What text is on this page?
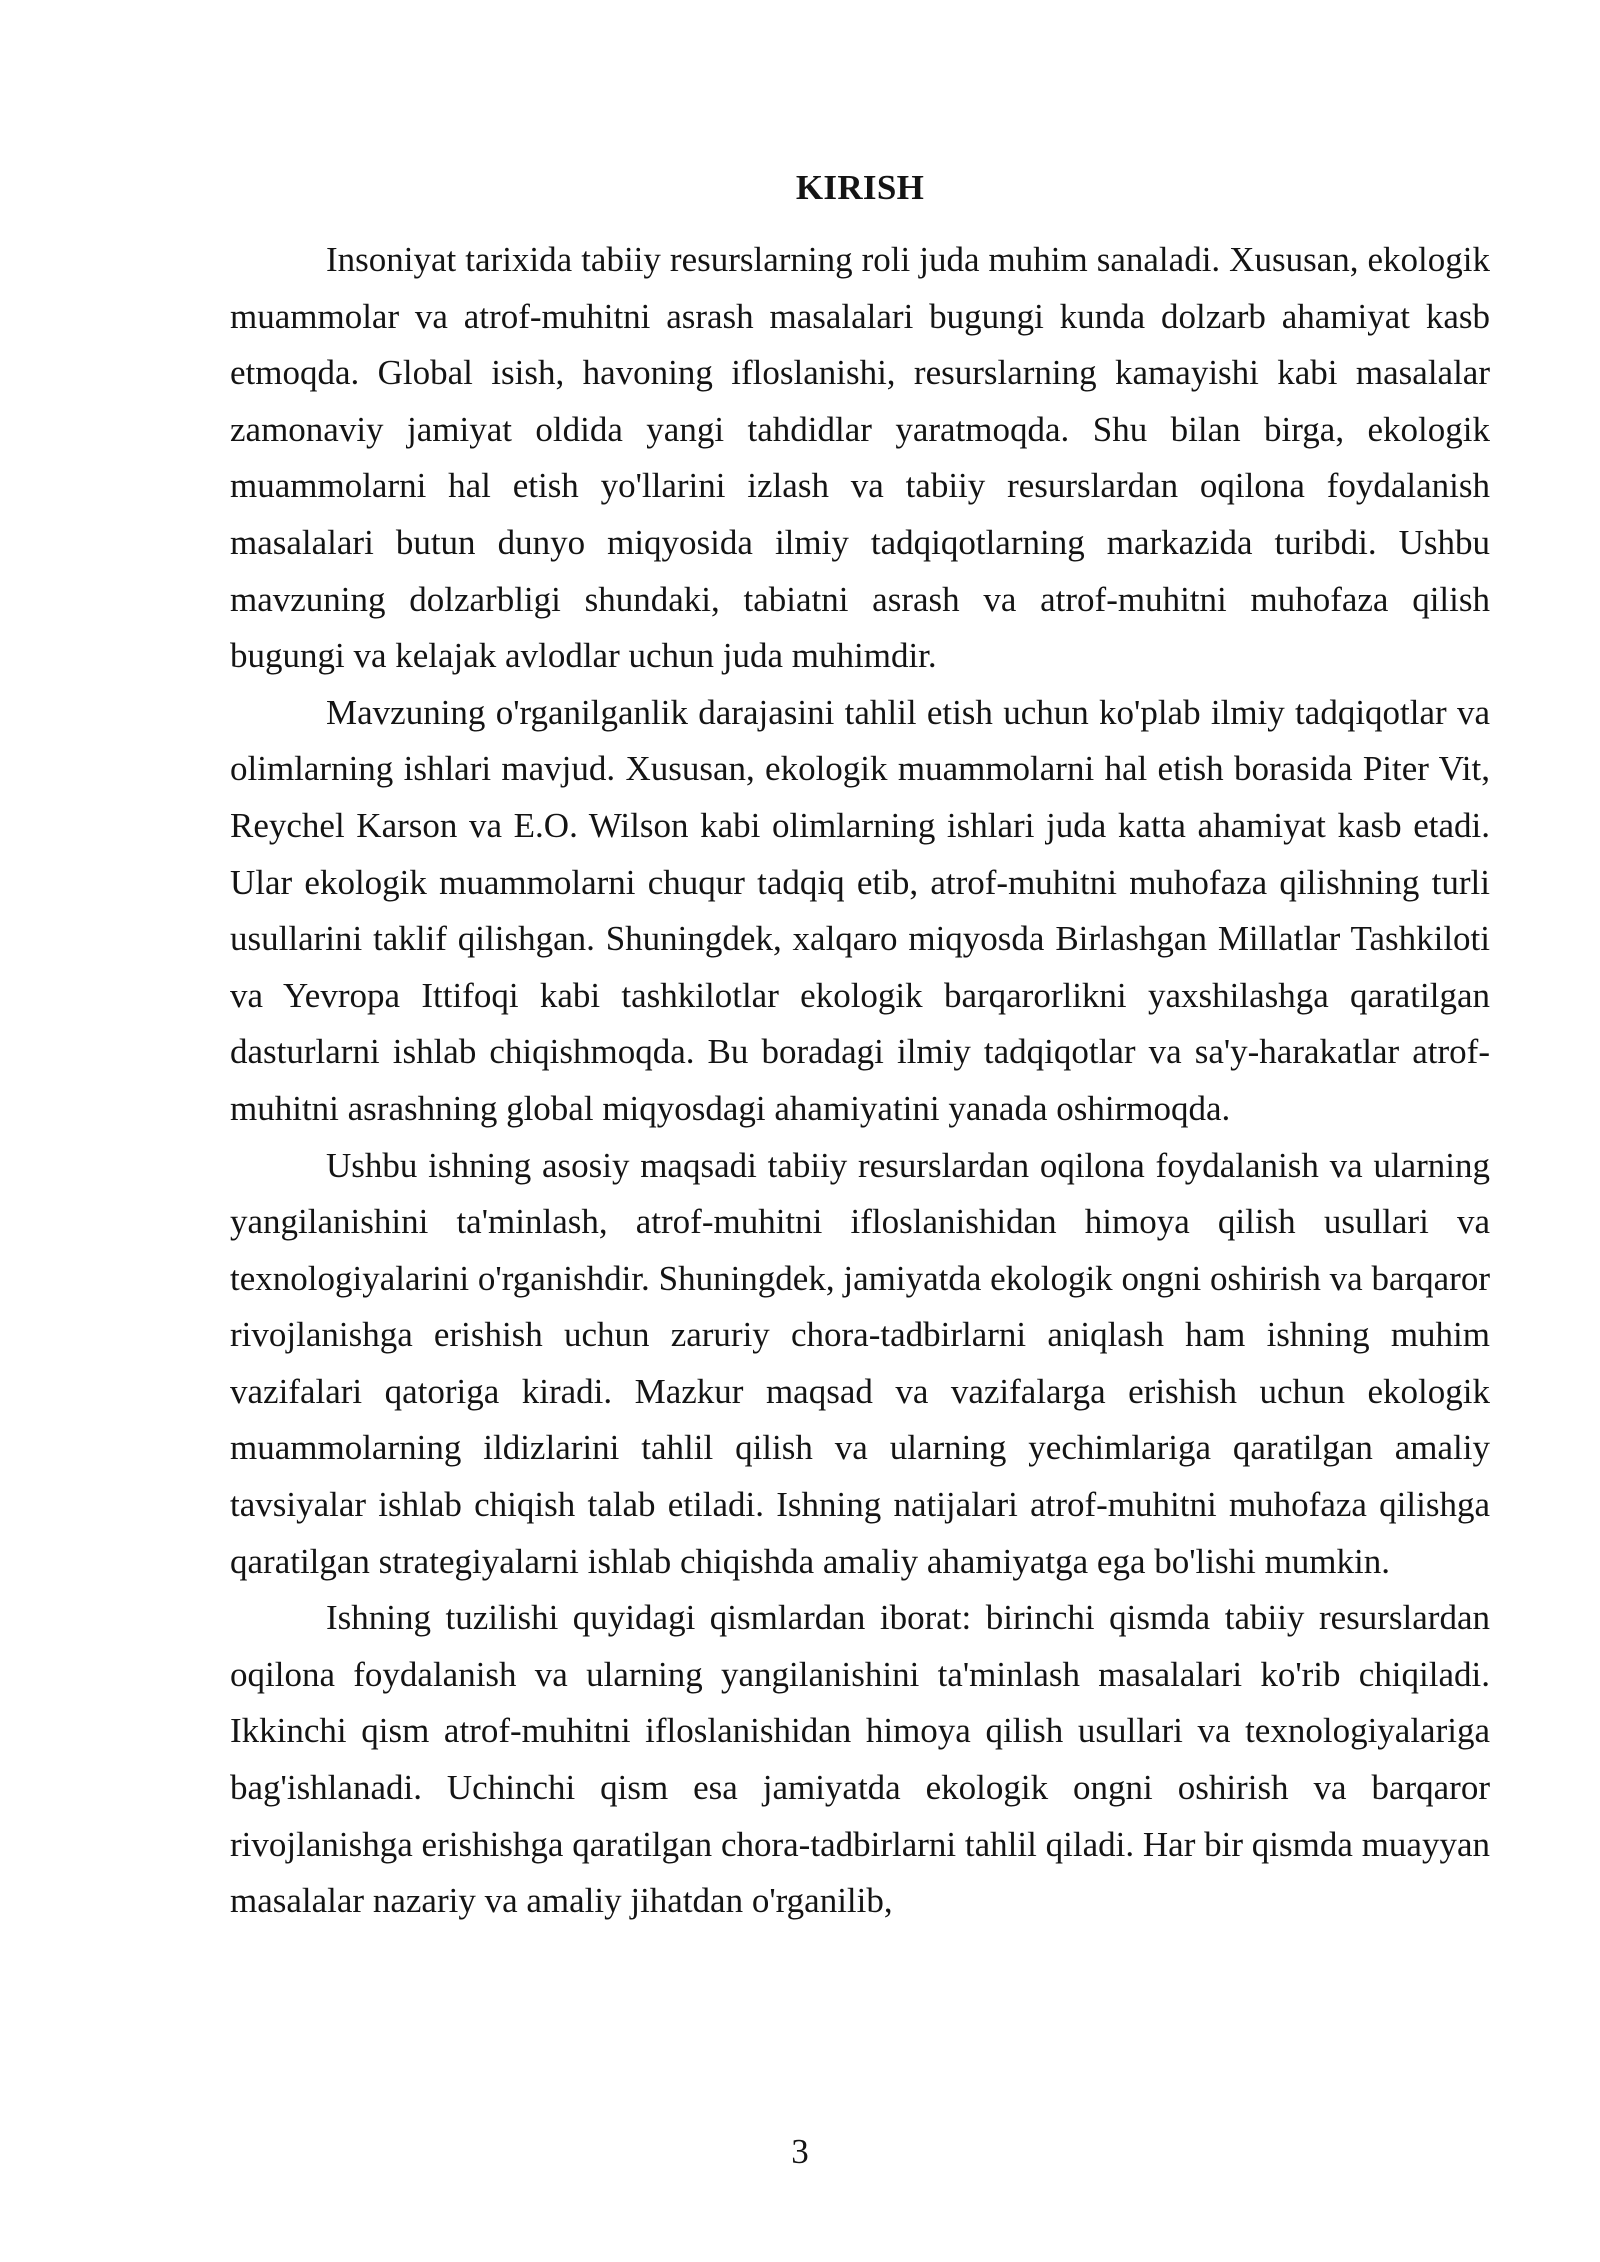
KIRISH

Insoniyat tarixida tabiiy resurslarning roli juda muhim sanaladi. Xususan, ekologik muammolar va atrof-muhitni asrash masalalari bugungi kunda dolzarb ahamiyat kasb etmoqda. Global isish, havoning ifloslanishi, resurslarning kamayishi kabi masalalar zamonaviy jamiyat oldida yangi tahdidlar yaratmoqda. Shu bilan birga, ekologik muammolarni hal etish yo'llarini izlash va tabiiy resurslardan oqilona foydalanish masalalari butun dunyo miqyosida ilmiy tadqiqotlarning markazida turibdi. Ushbu mavzuning dolzarbligi shundaki, tabiatni asrash va atrof-muhitni muhofaza qilish bugungi va kelajak avlodlar uchun juda muhimdir.

Mavzuning o'rganilganlik darajasini tahlil etish uchun ko'plab ilmiy tadqiqotlar va olimlarning ishlari mavjud. Xususan, ekologik muammolarni hal etish borasida Piter Vit, Reychel Karson va E.O. Wilson kabi olimlarning ishlari juda katta ahamiyat kasb etadi. Ular ekologik muammolarni chuqur tadqiq etib, atrof-muhitni muhofaza qilishning turli usullarini taklif qilishgan. Shuningdek, xalqaro miqyosda Birlashgan Millatlar Tashkiloti va Yevropa Ittifoqi kabi tashkilotlar ekologik barqarorlikni yaxshilashga qaratilgan dasturlarni ishlab chiqishmoqda. Bu boradagi ilmiy tadqiqotlar va sa'y-harakatlar atrof-muhitni asrashning global miqyosdagi ahamiyatini yanada oshirmoqda.

Ushbu ishning asosiy maqsadi tabiiy resurslardan oqilona foydalanish va ularning yangilanishini ta'minlash, atrof-muhitni ifloslanishidan himoya qilish usullari va texnologiyalarini o'rganishdir. Shuningdek, jamiyatda ekologik ongni oshirish va barqaror rivojlanishga erishish uchun zaruriy chora-tadbirlarni aniqlash ham ishning muhim vazifalari qatoriga kiradi. Mazkur maqsad va vazifalarga erishish uchun ekologik muammolarning ildizlarini tahlil qilish va ularning yechimlariga qaratilgan amaliy tavsiyalar ishlab chiqish talab etiladi. Ishning natijalari atrof-muhitni muhofaza qilishga qaratilgan strategiyalarni ishlab chiqishda amaliy ahamiyatga ega bo'lishi mumkin.

Ishning tuzilishi quyidagi qismlardan iborat: birinchi qismda tabiiy resurslardan oqilona foydalanish va ularning yangilanishini ta'minlash masalalari ko'rib chiqiladi. Ikkinchi qism atrof-muhitni ifloslanishidan himoya qilish usullari va texnologiyalariga bag'ishlanadi. Uchinchi qism esa jamiyatda ekologik ongni oshirish va barqaror rivojlanishga erishishga qaratilgan chora-tadbirlarni tahlil qiladi. Har bir qismda muayyan masalalar nazariy va amaliy jihatdan o'rganilib,

3
